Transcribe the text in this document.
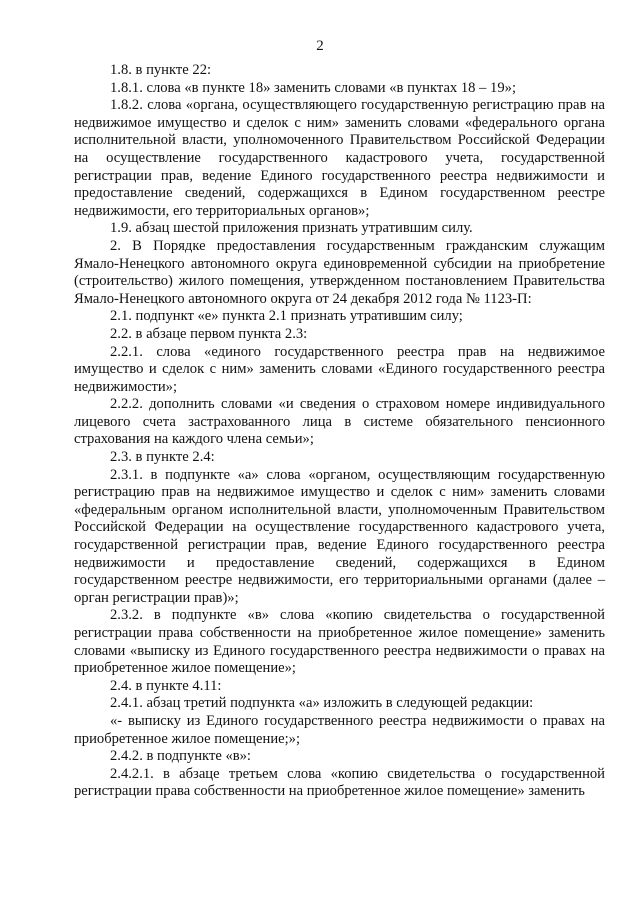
2

1.8. в пункте 22:

1.8.1. слова «в пункте 18» заменить словами «в пунктах 18 – 19»;

1.8.2. слова «органа, осуществляющего государственную регистрацию прав на недвижимое имущество и сделок с ним» заменить словами «федерального органа исполнительной власти, уполномоченного Правительством Российской Федерации на осуществление государственного кадастрового учета, государственной регистрации прав, ведение Единого государственного реестра недвижимости и предоставление сведений, содержащихся в Едином государственном реестре недвижимости, его территориальных органов»;

1.9. абзац шестой приложения признать утратившим силу.

2. В Порядке предоставления государственным гражданским служащим Ямало-Ненецкого автономного округа единовременной субсидии на приобретение (строительство) жилого помещения, утвержденном постановлением Правительства Ямало-Ненецкого автономного округа от 24 декабря 2012 года № 1123-П:

2.1. подпункт «е» пункта 2.1 признать утратившим силу;

2.2. в абзаце первом пункта 2.3:

2.2.1. слова «единого государственного реестра прав на недвижимое имущество и сделок с ним» заменить словами «Единого государственного реестра недвижимости»;

2.2.2. дополнить словами «и сведения о страховом номере индивидуального лицевого счета застрахованного лица в системе обязательного пенсионного страхования на каждого члена семьи»;

2.3. в пункте 2.4:

2.3.1. в подпункте «а» слова «органом, осуществляющим государственную регистрацию прав на недвижимое имущество и сделок с ним» заменить словами «федеральным органом исполнительной власти, уполномоченным Правительством Российской Федерации на осуществление государственного кадастрового учета, государственной регистрации прав, ведение Единого государственного реестра недвижимости и предоставление сведений, содержащихся в Едином государственном реестре недвижимости, его территориальными органами (далее – орган регистрации прав)»;

2.3.2. в подпункте «в» слова «копию свидетельства о государственной регистрации права собственности на приобретенное жилое помещение» заменить словами «выписку из Единого государственного реестра недвижимости о правах на приобретенное жилое помещение»;

2.4. в пункте 4.11:

2.4.1. абзац третий подпункта «а» изложить в следующей редакции:

«- выписку из Единого государственного реестра недвижимости о правах на приобретенное жилое помещение;»;

2.4.2. в подпункте «в»:

2.4.2.1. в абзаце третьем слова «копию свидетельства о государственной регистрации права собственности на приобретенное жилое помещение» заменить
